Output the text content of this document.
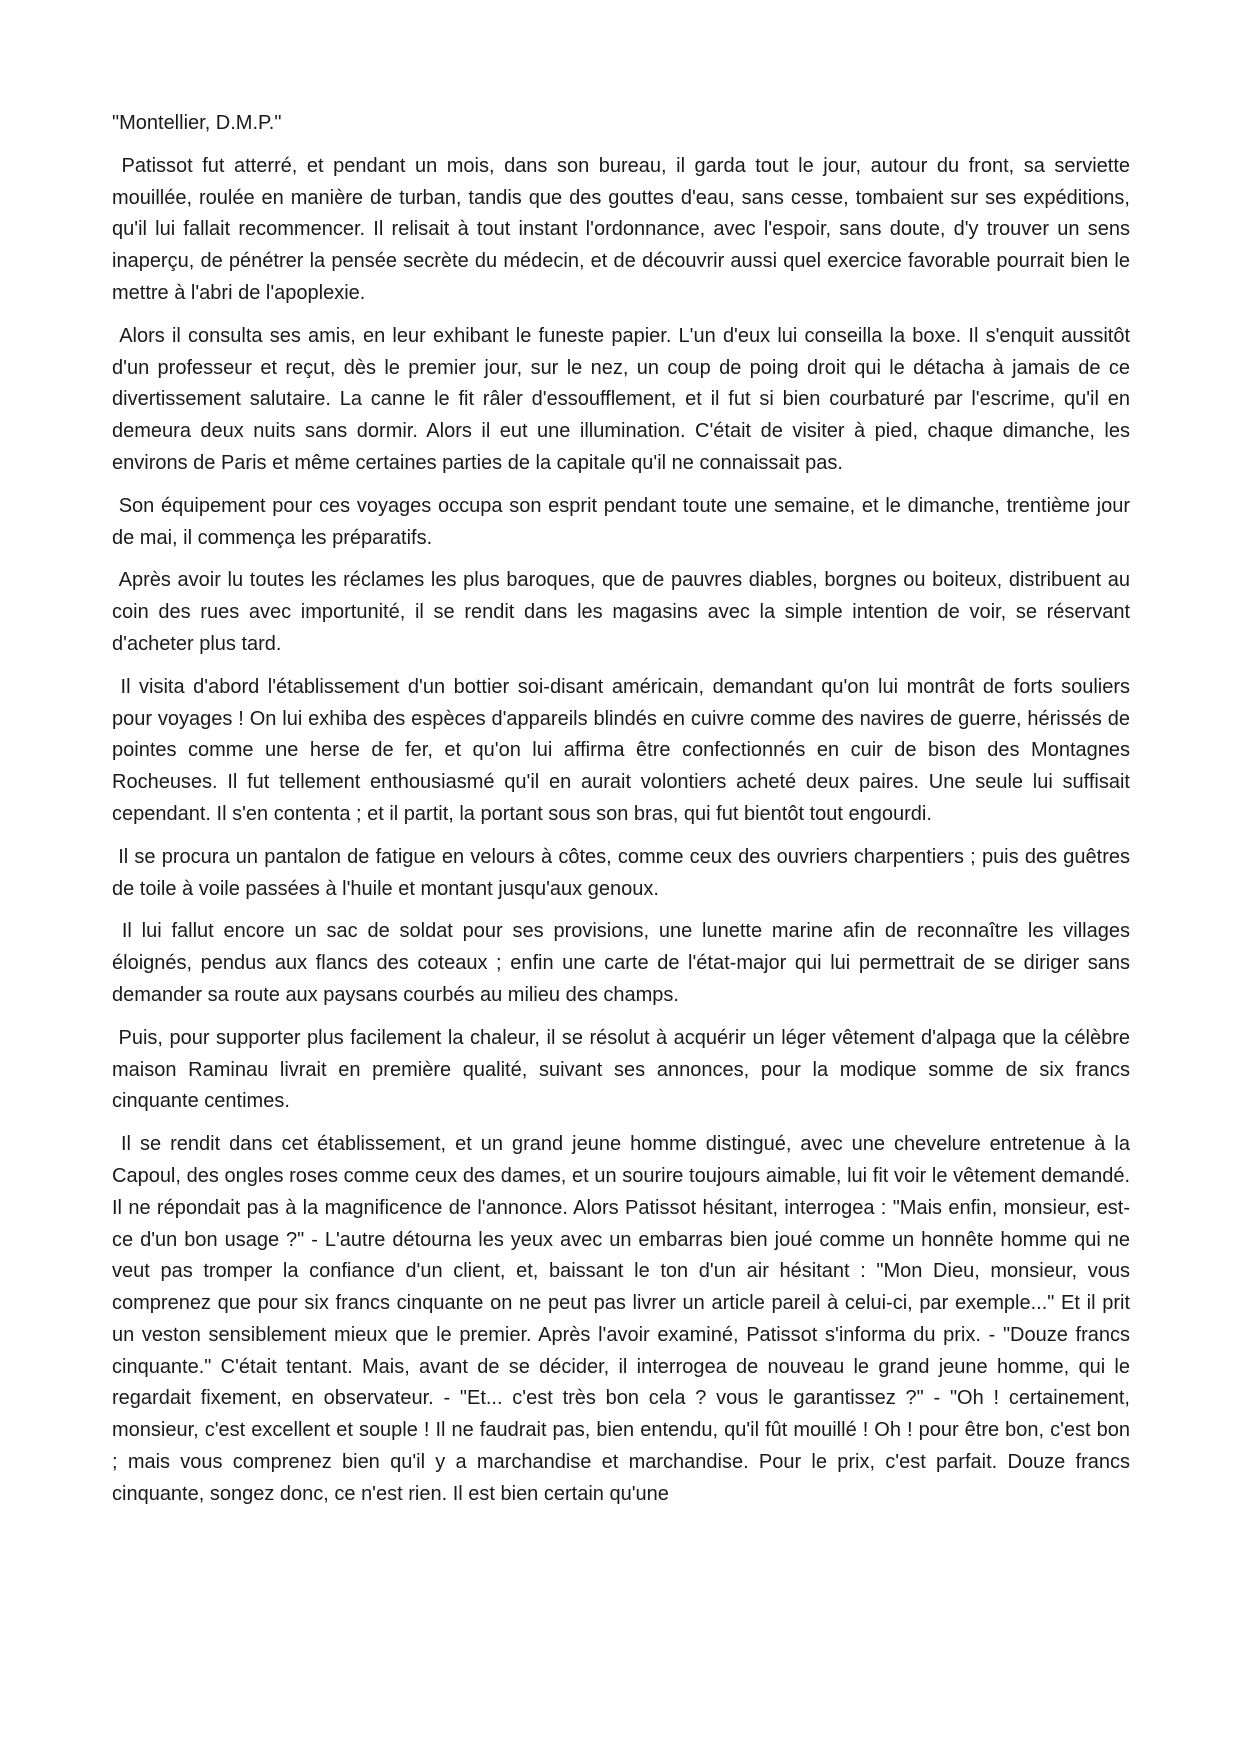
"Montellier, D.M.P."

Patissot fut atterré, et pendant un mois, dans son bureau, il garda tout le jour, autour du front, sa serviette mouillée, roulée en manière de turban, tandis que des gouttes d'eau, sans cesse, tombaient sur ses expéditions, qu'il lui fallait recommencer. Il relisait à tout instant l'ordonnance, avec l'espoir, sans doute, d'y trouver un sens inaperçu, de pénétrer la pensée secrète du médecin, et de découvrir aussi quel exercice favorable pourrait bien le mettre à l'abri de l'apoplexie.

Alors il consulta ses amis, en leur exhibant le funeste papier. L'un d'eux lui conseilla la boxe. Il s'enquit aussitôt d'un professeur et reçut, dès le premier jour, sur le nez, un coup de poing droit qui le détacha à jamais de ce divertissement salutaire. La canne le fit râler d'essoufflement, et il fut si bien courbaturé par l'escrime, qu'il en demeura deux nuits sans dormir. Alors il eut une illumination. C'était de visiter à pied, chaque dimanche, les environs de Paris et même certaines parties de la capitale qu'il ne connaissait pas.

Son équipement pour ces voyages occupa son esprit pendant toute une semaine, et le dimanche, trentième jour de mai, il commença les préparatifs.

Après avoir lu toutes les réclames les plus baroques, que de pauvres diables, borgnes ou boiteux, distribuent au coin des rues avec importunité, il se rendit dans les magasins avec la simple intention de voir, se réservant d'acheter plus tard.

Il visita d'abord l'établissement d'un bottier soi-disant américain, demandant qu'on lui montrât de forts souliers pour voyages ! On lui exhiba des espèces d'appareils blindés en cuivre comme des navires de guerre, hérissés de pointes comme une herse de fer, et qu'on lui affirma être confectionnés en cuir de bison des Montagnes Rocheuses. Il fut tellement enthousiasmé qu'il en aurait volontiers acheté deux paires. Une seule lui suffisait cependant. Il s'en contenta ; et il partit, la portant sous son bras, qui fut bientôt tout engourdi.

Il se procura un pantalon de fatigue en velours à côtes, comme ceux des ouvriers charpentiers ; puis des guêtres de toile à voile passées à l'huile et montant jusqu'aux genoux.

Il lui fallut encore un sac de soldat pour ses provisions, une lunette marine afin de reconnaître les villages éloignés, pendus aux flancs des coteaux ; enfin une carte de l'état-major qui lui permettrait de se diriger sans demander sa route aux paysans courbés au milieu des champs.

Puis, pour supporter plus facilement la chaleur, il se résolut à acquérir un léger vêtement d'alpaga que la célèbre maison Raminau livrait en première qualité, suivant ses annonces, pour la modique somme de six francs cinquante centimes.

Il se rendit dans cet établissement, et un grand jeune homme distingué, avec une chevelure entretenue à la Capoul, des ongles roses comme ceux des dames, et un sourire toujours aimable, lui fit voir le vêtement demandé. Il ne répondait pas à la magnificence de l'annonce. Alors Patissot hésitant, interrogea : "Mais enfin, monsieur, est-ce d'un bon usage ?" - L'autre détourna les yeux avec un embarras bien joué comme un honnête homme qui ne veut pas tromper la confiance d'un client, et, baissant le ton d'un air hésitant : "Mon Dieu, monsieur, vous comprenez que pour six francs cinquante on ne peut pas livrer un article pareil à celui-ci, par exemple..." Et il prit un veston sensiblement mieux que le premier. Après l'avoir examiné, Patissot s'informa du prix. - "Douze francs cinquante." C'était tentant. Mais, avant de se décider, il interrogea de nouveau le grand jeune homme, qui le regardait fixement, en observateur. - "Et... c'est très bon cela ? vous le garantissez ?" - "Oh ! certainement, monsieur, c'est excellent et souple ! Il ne faudrait pas, bien entendu, qu'il fût mouillé ! Oh ! pour être bon, c'est bon ; mais vous comprenez bien qu'il y a marchandise et marchandise. Pour le prix, c'est parfait. Douze francs cinquante, songez donc, ce n'est rien. Il est bien certain qu'une
